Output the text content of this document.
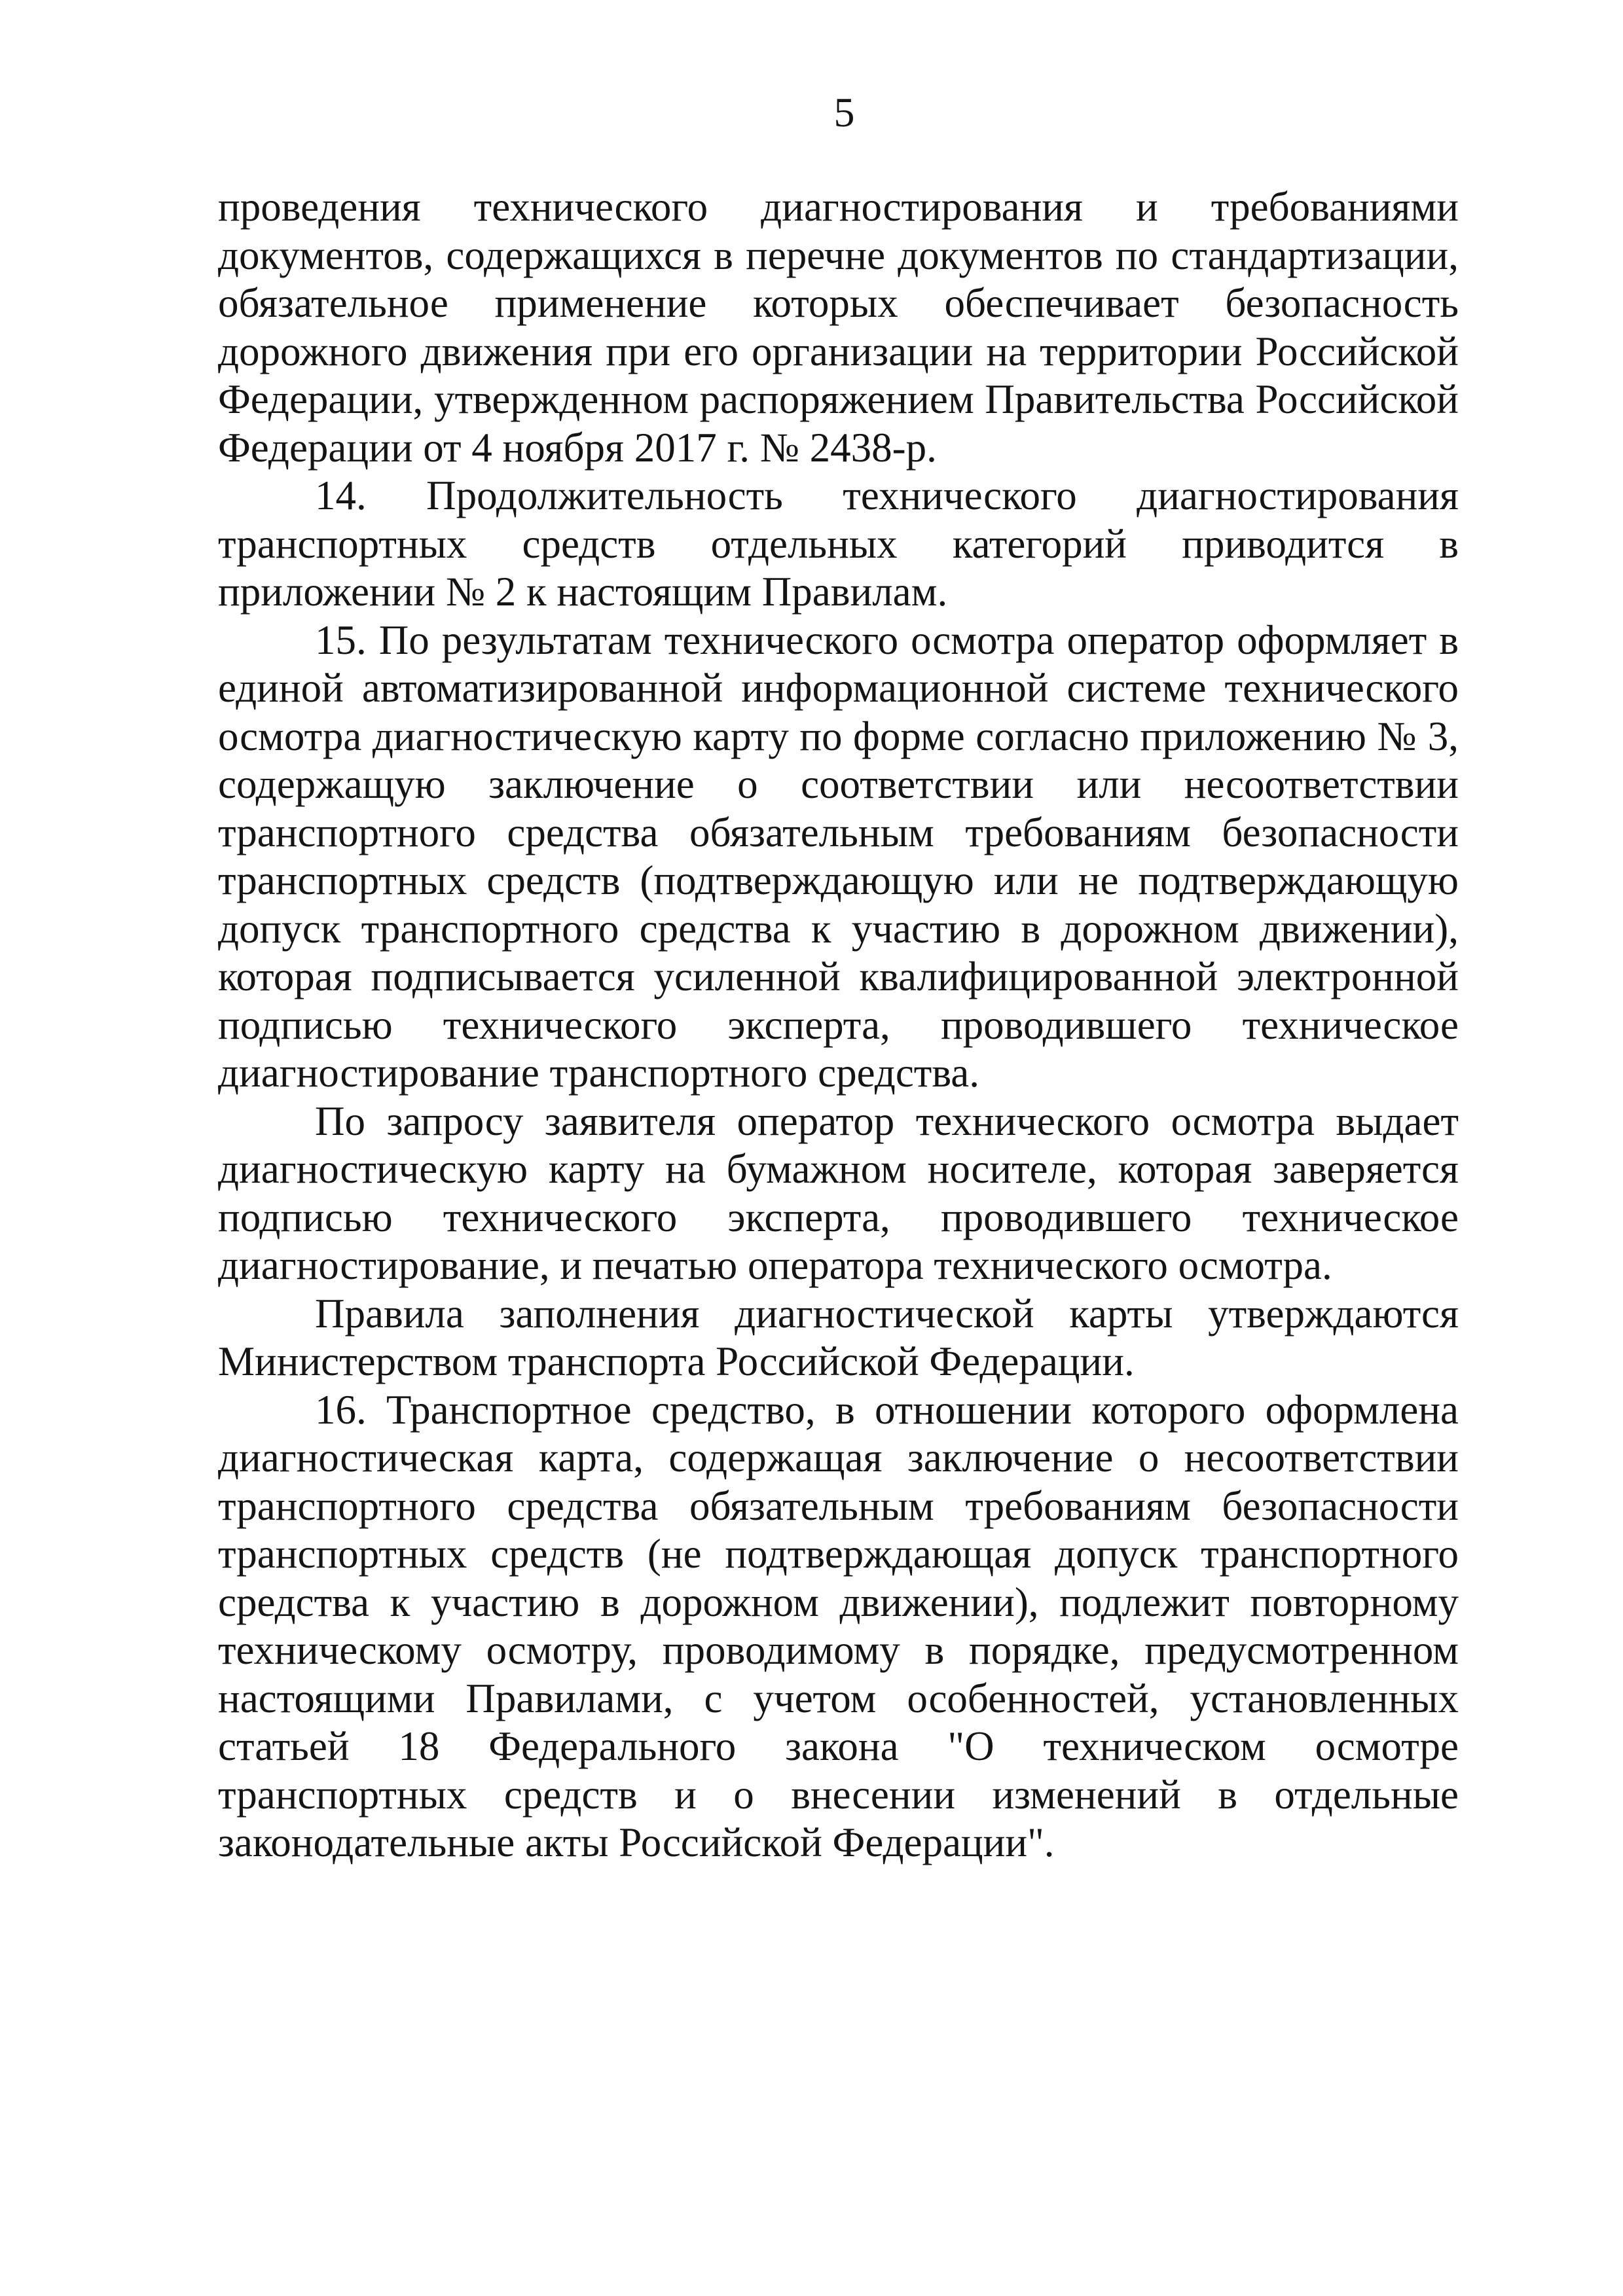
5

проведения технического диагностирования и требованиями документов, содержащихся в перечне документов по стандартизации, обязательное применение которых обеспечивает безопасность дорожного движения при его организации на территории Российской Федерации, утвержденном распоряжением Правительства Российской Федерации от 4 ноября 2017 г. № 2438-р.

14. Продолжительность технического диагностирования транспортных средств отдельных категорий приводится в приложении № 2 к настоящим Правилам.

15. По результатам технического осмотра оператор оформляет в единой автоматизированной информационной системе технического осмотра диагностическую карту по форме согласно приложению № 3, содержащую заключение о соответствии или несоответствии транспортного средства обязательным требованиям безопасности транспортных средств (подтверждающую или не подтверждающую допуск транспортного средства к участию в дорожном движении), которая подписывается усиленной квалифицированной электронной подписью технического эксперта, проводившего техническое диагностирование транспортного средства.

По запросу заявителя оператор технического осмотра выдает диагностическую карту на бумажном носителе, которая заверяется подписью технического эксперта, проводившего техническое диагностирование, и печатью оператора технического осмотра.

Правила заполнения диагностической карты утверждаются Министерством транспорта Российской Федерации.

16. Транспортное средство, в отношении которого оформлена диагностическая карта, содержащая заключение о несоответствии транспортного средства обязательным требованиям безопасности транспортных средств (не подтверждающая допуск транспортного средства к участию в дорожном движении), подлежит повторному техническому осмотру, проводимому в порядке, предусмотренном настоящими Правилами, с учетом особенностей, установленных статьей 18 Федерального закона "О техническом осмотре транспортных средств и о внесении изменений в отдельные законодательные акты Российской Федерации".
